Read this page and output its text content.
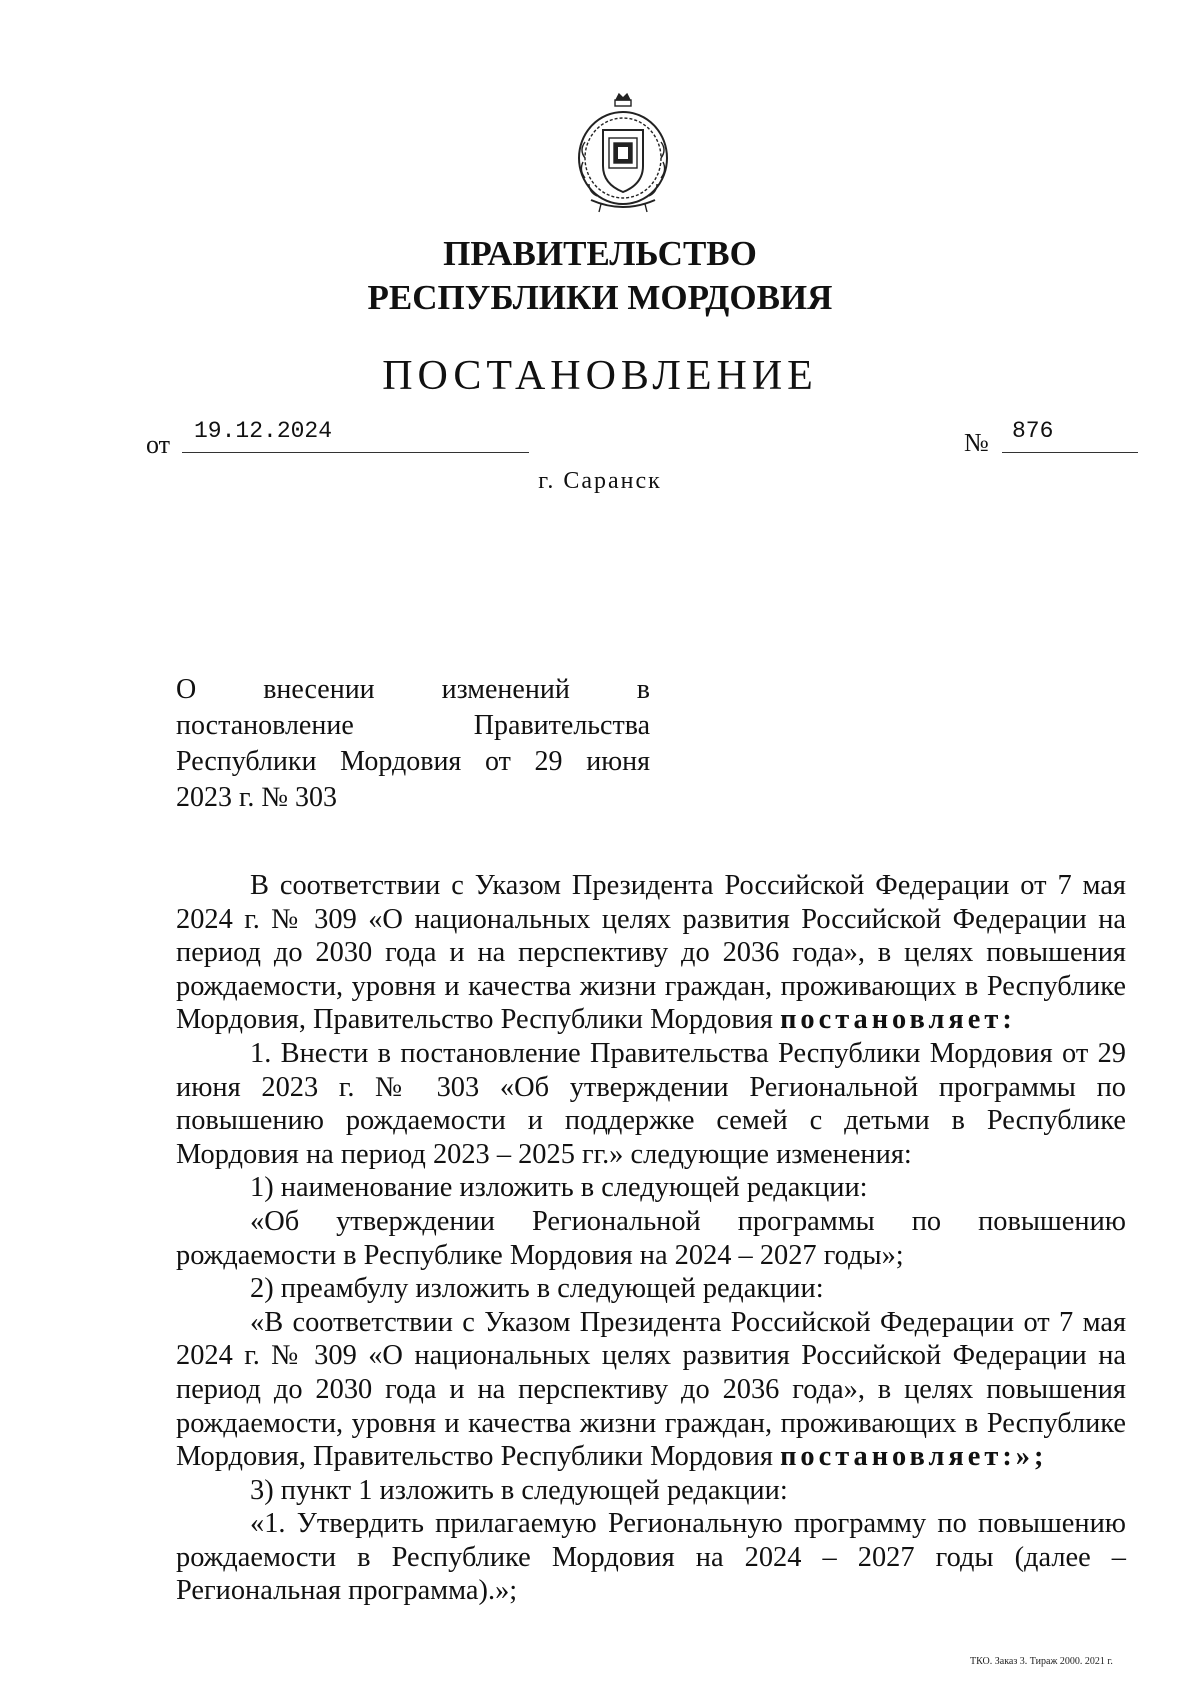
ПРАВИТЕЛЬСТВО
РЕСПУБЛИКИ МОРДОВИЯ
ПОСТАНОВЛЕНИЕ
от	19.12.2024	№	876
г. Саранск
О внесении изменений в
постановление Правительства
Республики Мордовия от 29 июня
2023 г. № 303

В соответствии с Указом Президента Российской Федерации от 7 мая 2024 г. № 309 «О национальных целях развития Российской Федерации на период до 2030 года и на перспективу до 2036 года», в целях повышения рождаемости, уровня и качества жизни граждан, проживающих в Республике Мордовия, Правительство Республики Мордовия постановляет:

1. Внести в постановление Правительства Республики Мордовия от 29 июня 2023 г. № 303 «Об утверждении Региональной программы по повышению рождаемости и поддержке семей с детьми в Республике Мордовия на период 2023 – 2025 гг.» следующие изменения:

1) наименование изложить в следующей редакции:

«Об утверждении Региональной программы по повышению рождаемости в Республике Мордовия на 2024 – 2027 годы»;

2) преамбулу изложить в следующей редакции:

«В соответствии с Указом Президента Российской Федерации от 7 мая 2024 г. № 309 «О национальных целях развития Российской Федерации на период до 2030 года и на перспективу до 2036 года», в целях повышения рождаемости, уровня и качества жизни граждан, проживающих в Республике Мордовия, Правительство Республики Мордовия постановляет:»;

3) пункт 1 изложить в следующей редакции:

«1. Утвердить прилагаемую Региональную программу по повышению рождаемости в Республике Мордовия на 2024 – 2027 годы (далее – Региональная программа).»;

ТКО. Заказ 3. Тираж 2000. 2021 г.
